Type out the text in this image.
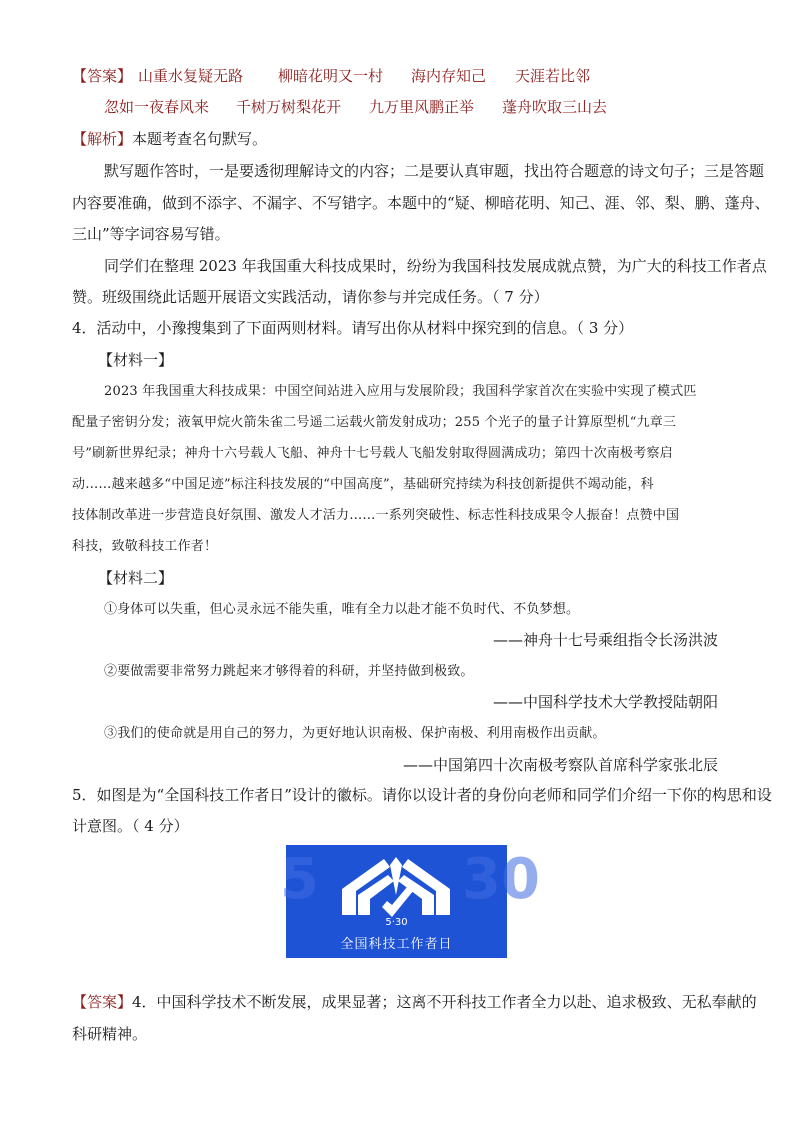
【答案】 山重水复疑无路 柳暗花明又一村 海内存知己 天涯若比邻
忽如一夜春风来 千树万树梨花开 九万里风鹏正举 蓬舟吹取三山去
【解析】本题考查名句默写。
默写题作答时，一是要透彻理解诗文的内容；二是要认真审题，找出符合题意的诗文句子；三是答题
内容要准确，做到不添字、不漏字、不写错字。本题中的“疑、柳暗花明、知己、涯、邻、梨、鹏、蓬舟、
三山”等字词容易写错。
同学们在整理 2023 年我国重大科技成果时，纷纷为我国科技发展成就点赞，为广大的科技工作者点
赞。班级围绕此话题开展语文实践活动，请你参与并完成任务。（ 7 分）
4．活动中，小豫搜集到了下面两则材料。请写出你从材料中探究到的信息。（ 3 分）
【材料一】
2023 年我国重大科技成果：中国空间站进入应用与发展阶段；我国科学家首次在实验中实现了模式匹
配量子密钥分发；液氧甲烷火箭朱雀二号遥二运载火箭发射成功；255 个光子的量子计算原型机“九章三
号”刷新世界纪录；神舟十六号载人飞船、神舟十七号载人飞船发射取得圆满成功；第四十次南极考察启
动……越来越多“中国足迹”标注科技发展的“中国高度”，基础研究持续为科技创新提供不竭动能，科
技体制改革进一步营造良好氛围、激发人才活力……一系列突破性、标志性科技成果令人振奋！点赞中国
科技，致敬科技工作者！
【材料二】
①身体可以失重，但心灵永远不能失重，唯有全力以赴才能不负时代、不负梦想。
——神舟十七号乘组指令长汤洪波
②要做需要非常努力跳起来才够得着的科研，并坚持做到极致。
——中国科学技术大学教授陆朝阳
③我们的使命就是用自己的努力，为更好地认识南极、保护南极、利用南极作出贡献。
——中国第四十次南极考察队首席科学家张北辰
5．如图是为“全国科技工作者日”设计的徽标。请你以设计者的身份向老师和同学们介绍一下你的构思和设
计意图。（ 4 分）
5	30
5·30
全国科技工作者日
【答案】4．中国科学技术不断发展，成果显著；这离不开科技工作者全力以赴、追求极致、无私奉献的
科研精神。
